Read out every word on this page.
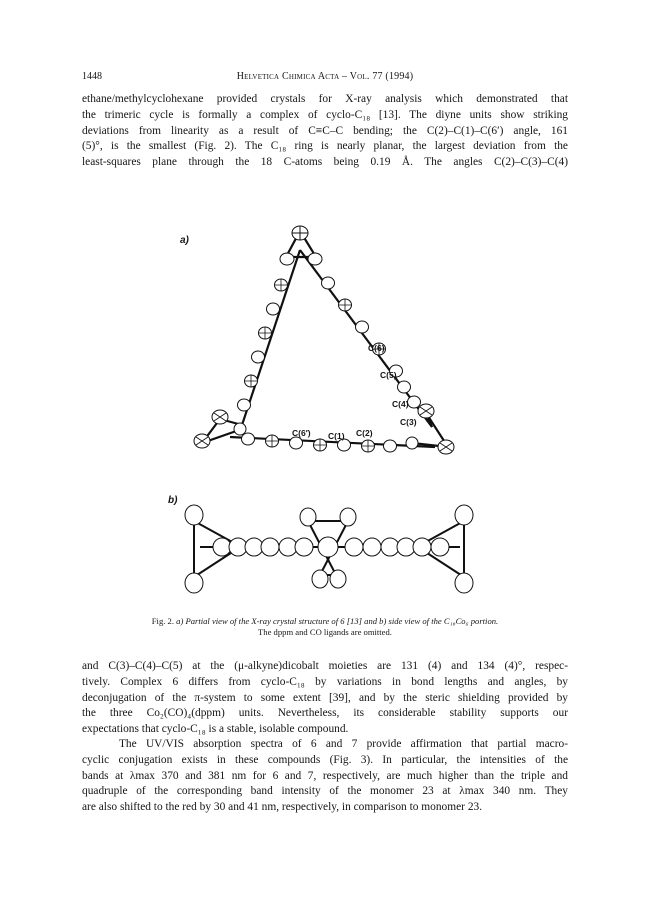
1448	Helvetica Chimica Acta – Vol. 77 (1994)
ethane/methylcyclohexane provided crystals for X-ray analysis which demonstrated that
the trimeric cycle is formally a complex of cyclo-C₁₈ [13]. The diyne units show striking
deviations from linearity as a result of C≡C–C bending; the C(2)–C(1)–C(6′) angle, 161
(5)°, is the smallest (Fig. 2). The C₁₈ ring is nearly planar, the largest deviation from the
least-squares plane through the 18 C-atoms being 0.19 Å. The angles C(2)–C(3)–C(4)
a)
b)
C(6)
C(5)
C(4)
C(3)
C(6′) C(1) C(2)
Fig. 2. a) Partial view of the X-ray crystal structure of 6 [13] and b) side view of the C₁₈Co₆ portion.
The dppm and CO ligands are omitted.
and C(3)–C(4)–C(5) at the (μ-alkyne)dicobalt moieties are 131 (4) and 134 (4)°, respec-
tively. Complex 6 differs from cyclo-C₁₈ by variations in bond lengths and angles, by
deconjugation of the π-system to some extent [39], and by the steric shielding provided by
the three Co₂(CO)₄(dppm) units. Nevertheless, its considerable stability supports our
expectations that cyclo-C₁₈ is a stable, isolable compound.
The UV/VIS absorption spectra of 6 and 7 provide affirmation that partial macro-
cyclic conjugation exists in these compounds (Fig. 3). In particular, the intensities of the
bands at λmax 370 and 381 nm for 6 and 7, respectively, are much higher than the triple and
quadruple of the corresponding band intensity of the monomer 23 at λmax 340 nm. They
are also shifted to the red by 30 and 41 nm, respectively, in comparison to monomer 23.
